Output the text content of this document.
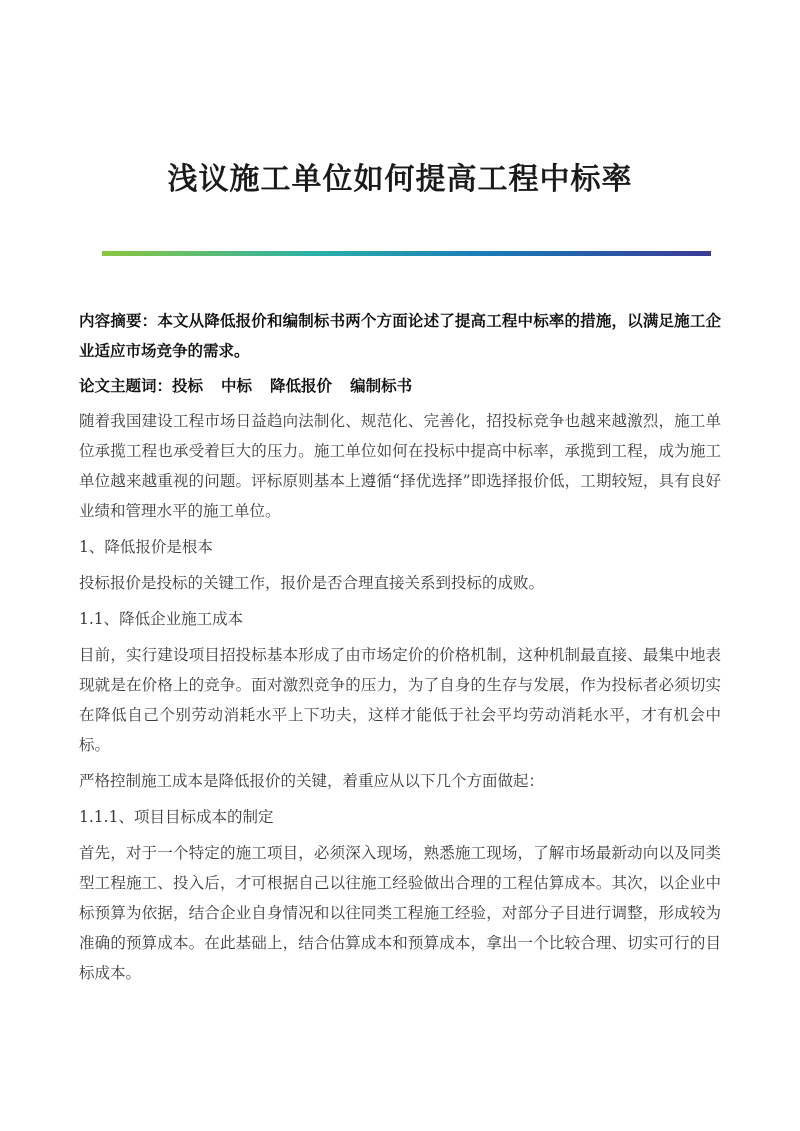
浅议施工单位如何提高工程中标率

内容摘要：本文从降低报价和编制标书两个方面论述了提高工程中标率的措施，以满足施工企业适应市场竞争的需求。

论文主题词：投标 中标 降低报价 编制标书

随着我国建设工程市场日益趋向法制化、规范化、完善化，招投标竞争也越来越激烈，施工单位承揽工程也承受着巨大的压力。施工单位如何在投标中提高中标率，承揽到工程，成为施工单位越来越重视的问题。评标原则基本上遵循“择优选择”即选择报价低，工期较短，具有良好业绩和管理水平的施工单位。

1、降低报价是根本

投标报价是投标的关键工作，报价是否合理直接关系到投标的成败。

1.1、降低企业施工成本

目前，实行建设项目招投标基本形成了由市场定价的价格机制，这种机制最直接、最集中地表现就是在价格上的竞争。面对激烈竞争的压力，为了自身的生存与发展，作为投标者必须切实在降低自己个别劳动消耗水平上下功夫，这样才能低于社会平均劳动消耗水平，才有机会中标。

严格控制施工成本是降低报价的关键，着重应从以下几个方面做起：

1.1.1、项目目标成本的制定

首先，对于一个特定的施工项目，必须深入现场，熟悉施工现场，了解市场最新动向以及同类型工程施工、投入后，才可根据自己以往施工经验做出合理的工程估算成本。其次，以企业中标预算为依据，结合企业自身情况和以往同类工程施工经验，对部分子目进行调整，形成较为准确的预算成本。在此基础上，结合估算成本和预算成本，拿出一个比较合理、切实可行的目标成本。
